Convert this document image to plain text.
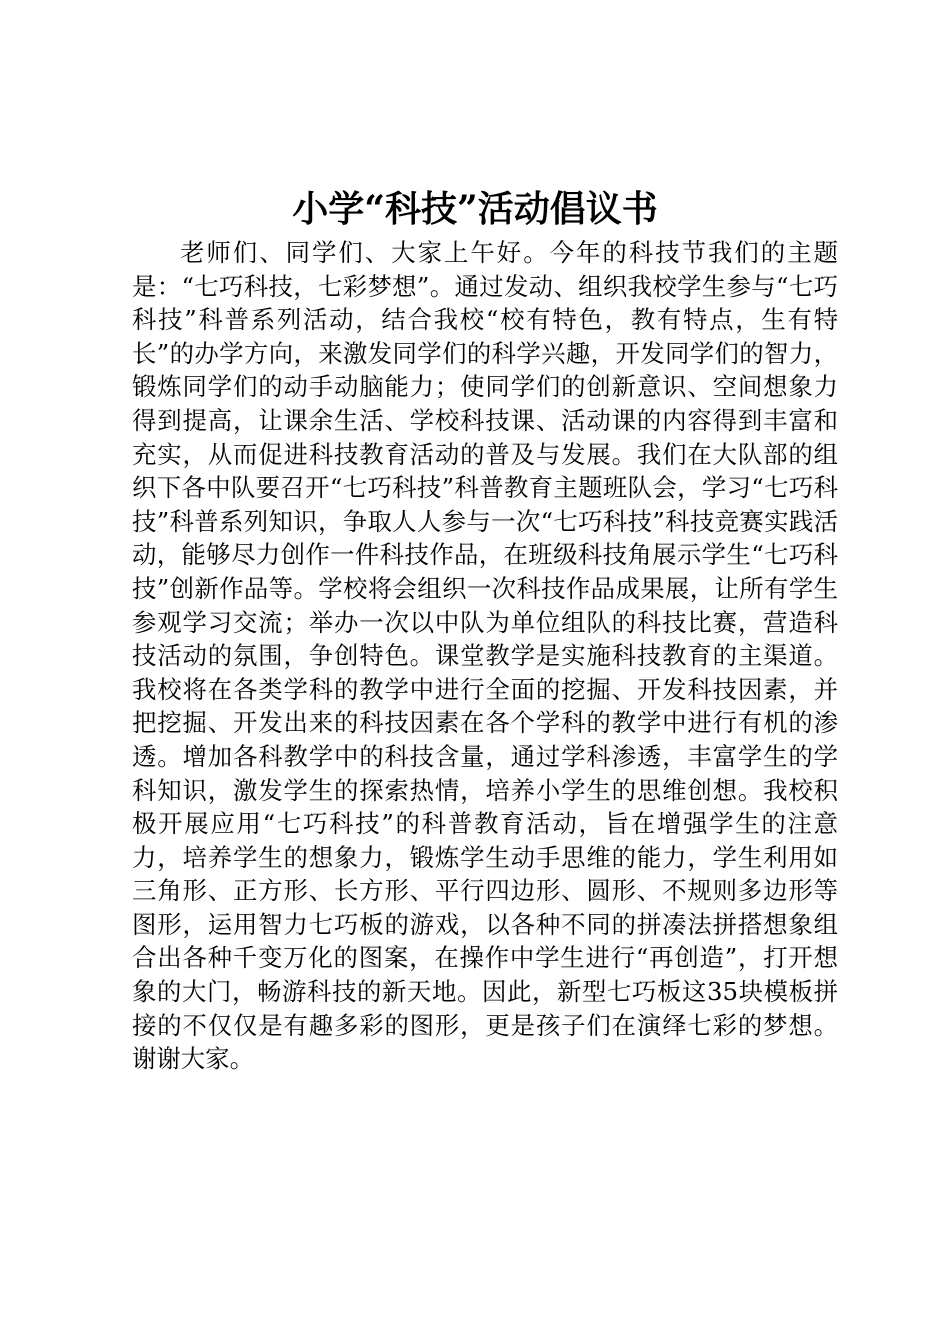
小学“科技”活动倡议书

老师们、同学们、大家上午好。今年的科技节我们的主题是：“七巧科技，七彩梦想”。通过发动、组织我校学生参与“七巧科技”科普系列活动，结合我校“校有特色，教有特点，生有特长”的办学方向，来激发同学们的科学兴趣，开发同学们的智力，锻炼同学们的动手动脑能力；使同学们的创新意识、空间想象力得到提高，让课余生活、学校科技课、活动课的内容得到丰富和充实，从而促进科技教育活动的普及与发展。我们在大队部的组织下各中队要召开“七巧科技”科普教育主题班队会，学习“七巧科技”科普系列知识，争取人人参与一次“七巧科技”科技竞赛实践活动，能够尽力创作一件科技作品，在班级科技角展示学生“七巧科技”创新作品等。学校将会组织一次科技作品成果展，让所有学生参观学习交流；举办一次以中队为单位组队的科技比赛，营造科技活动的氛围，争创特色。课堂教学是实施科技教育的主渠道。我校将在各类学科的教学中进行全面的挖掘、开发科技因素，并把挖掘、开发出来的科技因素在各个学科的教学中进行有机的渗透。增加各科教学中的科技含量，通过学科渗透，丰富学生的学科知识，激发学生的探索热情，培养小学生的思维创想。我校积极开展应用“七巧科技”的科普教育活动，旨在增强学生的注意力，培养学生的想象力，锻炼学生动手思维的能力，学生利用如三角形、正方形、长方形、平行四边形、圆形、不规则多边形等图形，运用智力七巧板的游戏，以各种不同的拼凑法拼搭想象组合出各种千变万化的图案，在操作中学生进行“再创造”，打开想象的大门，畅游科技的新天地。因此，新型七巧板这35块模板拼接的不仅仅是有趣多彩的图形，更是孩子们在演绎七彩的梦想。谢谢大家。
